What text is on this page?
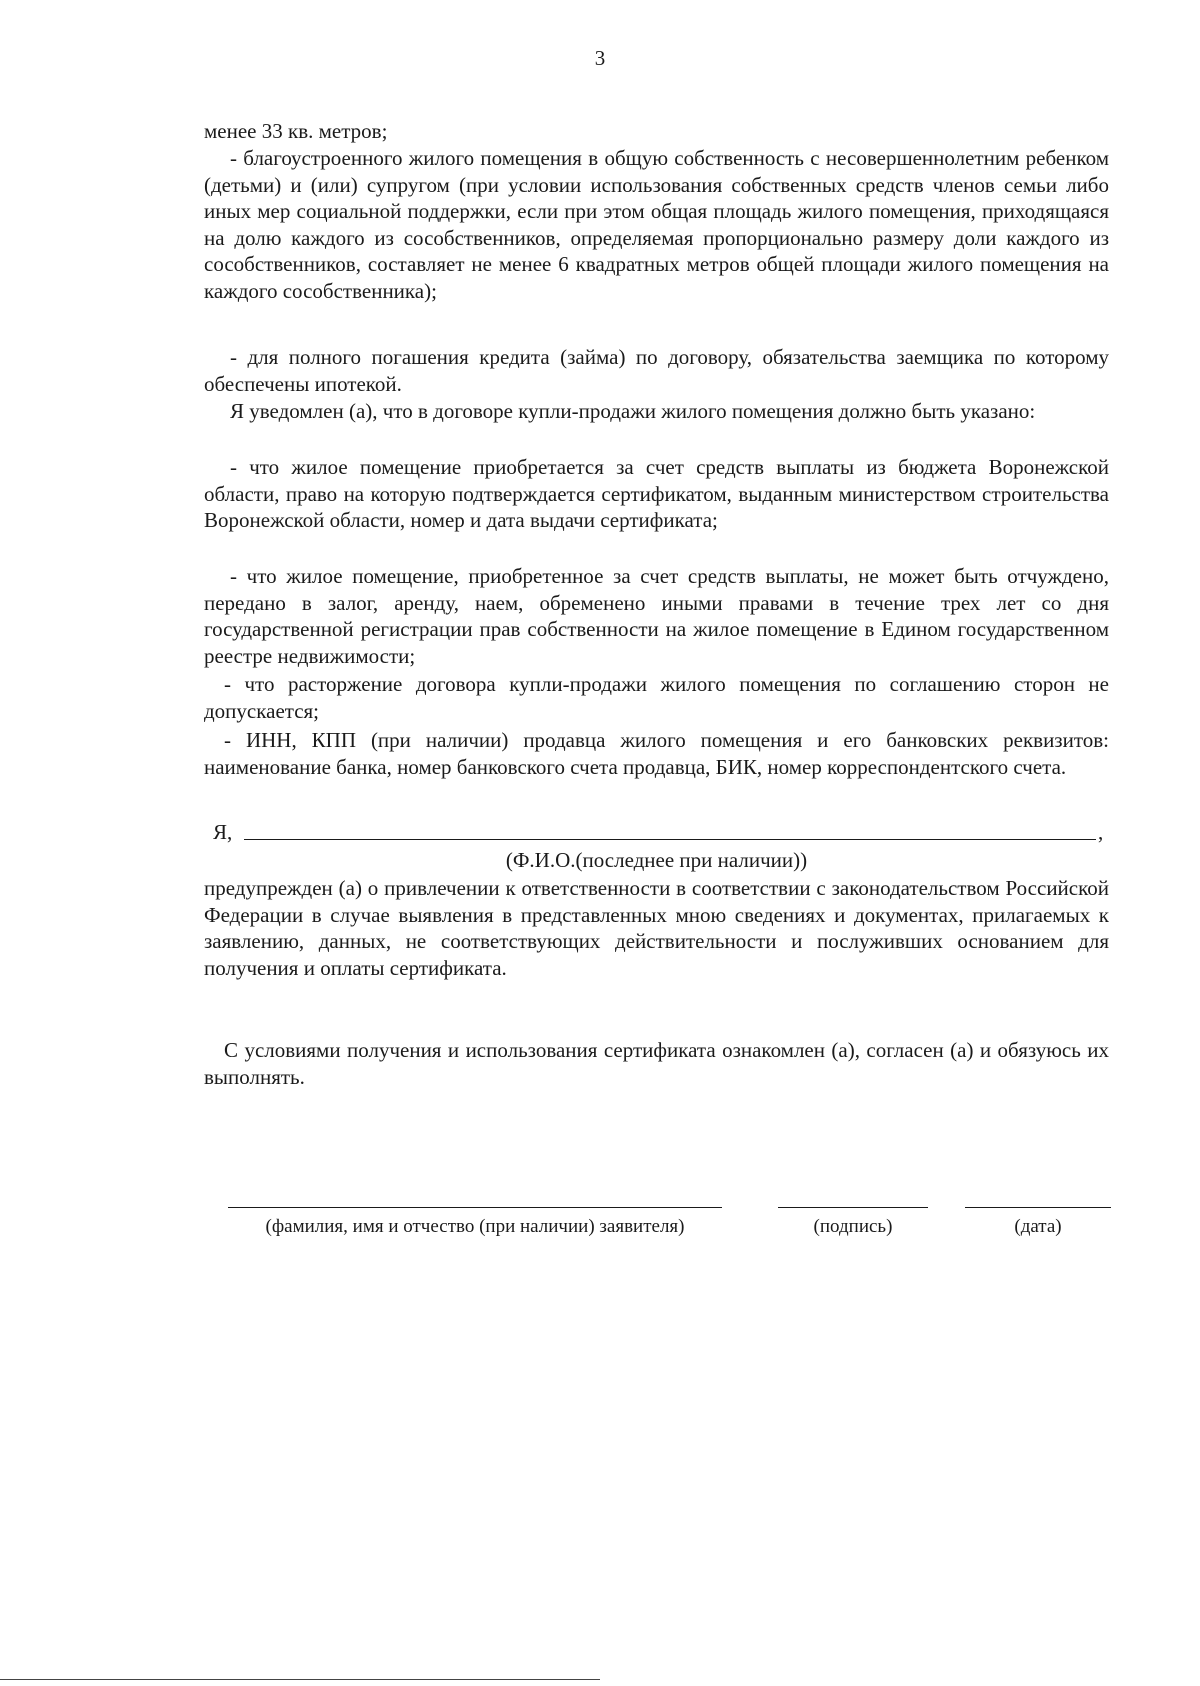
3

менее 33 кв. метров;

- благоустроенного жилого помещения в общую собственность с несовершеннолетним ребенком (детьми) и (или) супругом (при условии использования собственных средств членов семьи либо иных мер социальной поддержки, если при этом общая площадь жилого помещения, приходящаяся на долю каждого из сособственников, определяемая пропорционально размеру доли каждого из сособственников, составляет не менее 6 квадратных метров общей площади жилого помещения на каждого сособственника);

- для полного погашения кредита (займа) по договору, обязательства заемщика по которому обеспечены ипотекой.

Я уведомлен (а), что в договоре купли-продажи жилого помещения должно быть указано:

- что жилое помещение приобретается за счет средств выплаты из бюджета Воронежской области, право на которую подтверждается сертификатом, выданным министерством строительства Воронежской области, номер и дата выдачи сертификата;

- что жилое помещение, приобретенное за счет средств выплаты, не может быть отчуждено, передано в залог, аренду, наем, обременено иными правами в течение трех лет со дня государственной регистрации прав собственности на жилое помещение в Едином государственном реестре недвижимости;

- что расторжение договора купли-продажи жилого помещения по соглашению сторон не допускается;

- ИНН, КПП (при наличии) продавца жилого помещения и его банковских реквизитов: наименование банка, номер банковского счета продавца, БИК, номер корреспондентского счета.

Я,	,
(Ф.И.О.(последнее при наличии))

предупрежден (а) о привлечении к ответственности в соответствии с законодательством Российской Федерации в случае выявления в представленных мною сведениях и документах, прилагаемых к заявлению, данных, не соответствующих действительности и послуживших основанием для получения и оплаты сертификата.

С условиями получения и использования сертификата ознакомлен (а), согласен (а) и обязуюсь их выполнять.

(фамилия, имя и отчество (при наличии) заявителя)	(подпись)	(дата)
